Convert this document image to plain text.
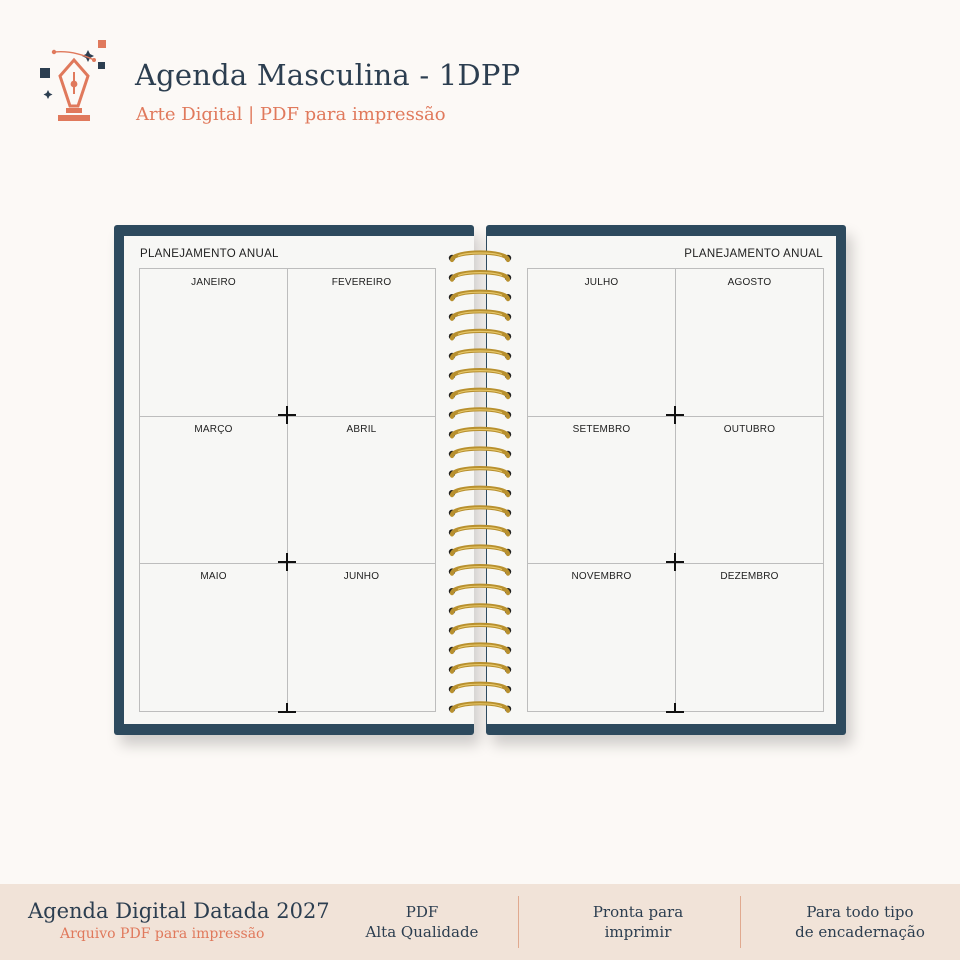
Agenda Masculina - 1DPP
Arte Digital | PDF para impressão
PLANEJAMENTO ANUAL	PLANEJAMENTO ANUAL
JANEIRO	FEVEREIRO
MARÇO	ABRIL
MAIO	JUNHO
JULHO	AGOSTO
SETEMBRO	OUTUBRO
NOVEMBRO	DEZEMBRO
Agenda Digital Datada 2027
Arquivo PDF para impressão
PDF
Alta Qualidade
Pronta para
imprimir
Para todo tipo
de encadernação
